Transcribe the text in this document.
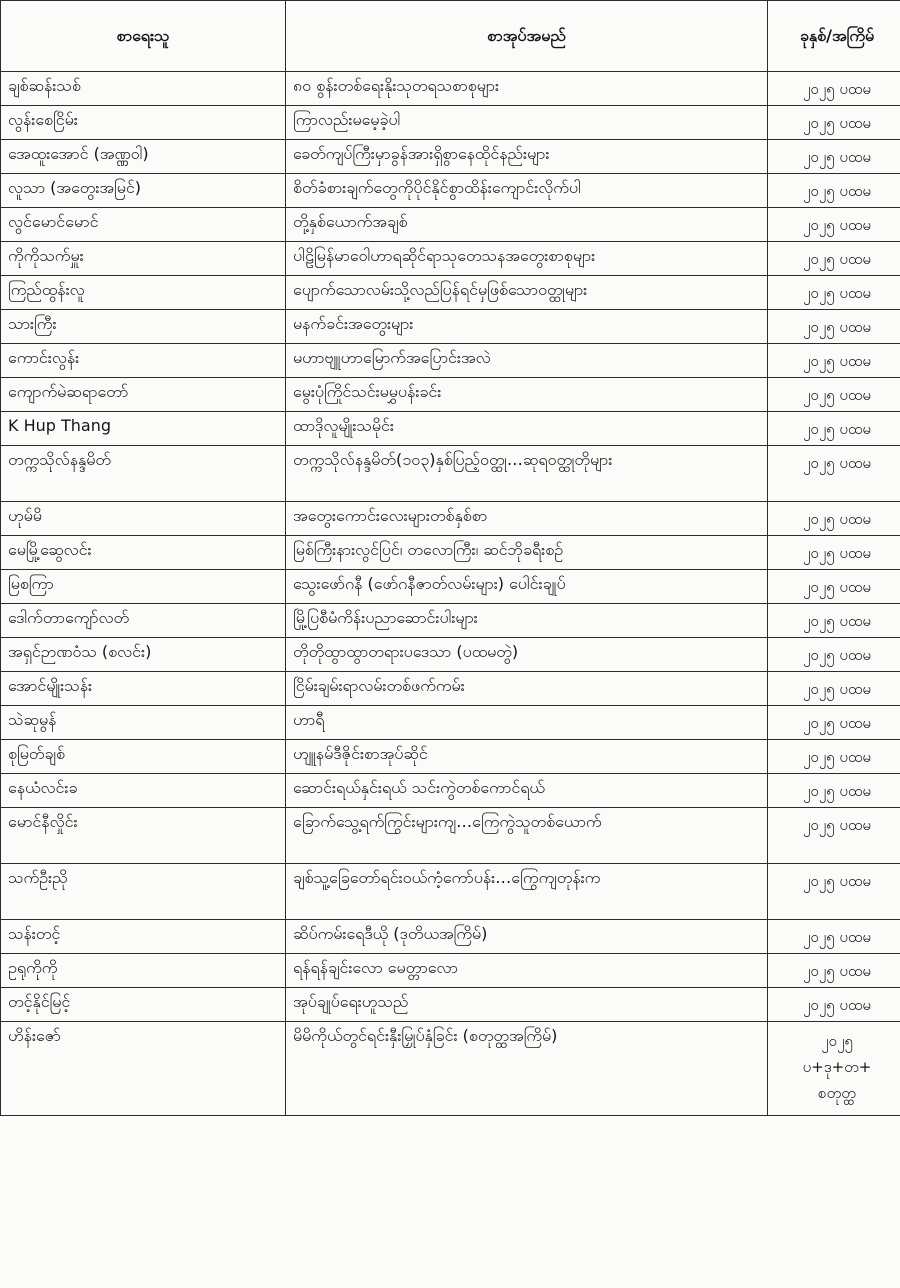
စာရေးသူ	စာအုပ်အမည်	ခုနှစ်/အကြိမ်
ချစ်ဆန်းသစ်	၈၀ စွန်းတစ်ရေးနိုးသုတရသစာစုများ	၂၀၂၅ ပထမ
လွန်းစေငြိမ်း	ကြာလည်းမမေ့ခဲ့ပါ	၂၀၂၅ ပထမ
အေထူးအောင် (အဏ္ဏဝါ)	ခေတ်ကျပ်ကြီးမှာခွန်အားရှိစွာနေထိုင်နည်းများ	၂၀၂၅ ပထမ
လူသာ (အတွေးအမြင်)	စိတ်ခံစားချက်တွေကိုပိုင်နိုင်စွာထိန်းကျောင်းလိုက်ပါ	၂၀၂၅ ပထမ
လွင်မောင်မောင်	တို့နှစ်ယောက်အချစ်	၂၀၂၅ ပထမ
ကိုကိုသက်မှူး	ပါဠိမြန်မာဝေါဟာရဆိုင်ရာသုတေသနအတွေးစာစုများ	၂၀၂၅ ပထမ
ကြည်ထွန်းလူ	ပျောက်သောလမ်းသို့လည်ပြန်ရင်မှဖြစ်သောဝတ္ထုများ	၂၀၂၅ ပထမ
သားကြီး	မနက်ခင်းအတွေးများ	၂၀၂၅ ပထမ
ကောင်းလွန်း	မဟာဗျူဟာမြောက်အပြောင်းအလဲ	၂၀၂၅ ပထမ
ကျောက်မဲဆရာတော်	မွေးပုံကြိုင်သင်းမမွှပန်းခင်း	၂၀၂၅ ပထမ
K Hup Thang	ထာဒိုလူမျိုးသမိုင်း	၂၀၂၅ ပထမ
တက္ကသိုလ်နန္ဒမိတ်	တက္ကသိုလ်နန္ဒမိတ်(၁၀၃)နှစ်ပြည့်ဝတ္ထု…ဆုရဝတ္ထုတိုများ	၂၀၂၅ ပထမ
ဟုမ်မိ	အတွေးကောင်းလေးများတစ်နှစ်စာ	၂၀၂၅ ပထမ
မေမြို့ဆွေလင်း	မြစ်ကြီးနားလွင်ပြင်၊ တလောကြီး၊ ဆင်ဘိုခရီးစဉ်	၂၀၂၅ ပထမ
မြစကြာ	သွေးဖော်ဂနီ (ဖော်ဂနီဇာတ်လမ်းများ) ပေါင်းချုပ်	၂၀၂၅ ပထမ
ဒေါက်တာကျော်လတ်	မြို့ပြစီမံကိန်းပညာဆောင်းပါးများ	၂၀၂၅ ပထမ
အရှင်ဉာဏဝံသ (စလင်း)	တိုတိုထွာထွာတရားပဒေသာ (ပထမတွဲ)	၂၀၂၅ ပထမ
အောင်မျိုးသန်း	ငြိမ်းချမ်းရာလမ်းတစ်ဖက်ကမ်း	၂၀၂၅ ပထမ
သဲဆုမွန်	ဟာရီ	၂၀၂၅ ပထမ
စုမြတ်ချစ်	ဟျူနမ်ဒီဇိုင်းစာအုပ်ဆိုင်	၂၀၂၅ ပထမ
နေယံလင်းခ	ဆောင်းရယ်နှင်းရယ် သင်းကွဲတစ်ကောင်ရယ်	၂၀၂၅ ပထမ
မောင်နီလှိုင်း	ခြောက်သွေ့ရက်ကြွင်းများကျ…ကြေကွဲသူတစ်ယောက်	၂၀၂၅ ပထမ
သက်ဦးညို	ချစ်သူ့ခြေတော်ရင်းဝယ်ကံ့ကော်ပန်း…ကြွေကျတုန်းက	၂၀၂၅ ပထမ
သန်းတင့်	ဆိပ်ကမ်းရေဒီယို (ဒုတိယအကြိမ်)	၂၀၂၅ ပထမ
ဥရုကိုကို	ရန်ရန်ချင်းလော မေတ္တာလော	၂၀၂၅ ပထမ
တင့်နိုင်မြင့်	အုပ်ချုပ်ရေးဟူသည်	၂၀၂၅ ပထမ
ဟိန်းဇော်	မိမိကိုယ်တွင်ရင်းနှီးမြှုပ်နှံခြင်း (စတုတ္ထအကြိမ်)	၂၀၂၅
ပ+ဒု+တ+
စတုတ္ထ
